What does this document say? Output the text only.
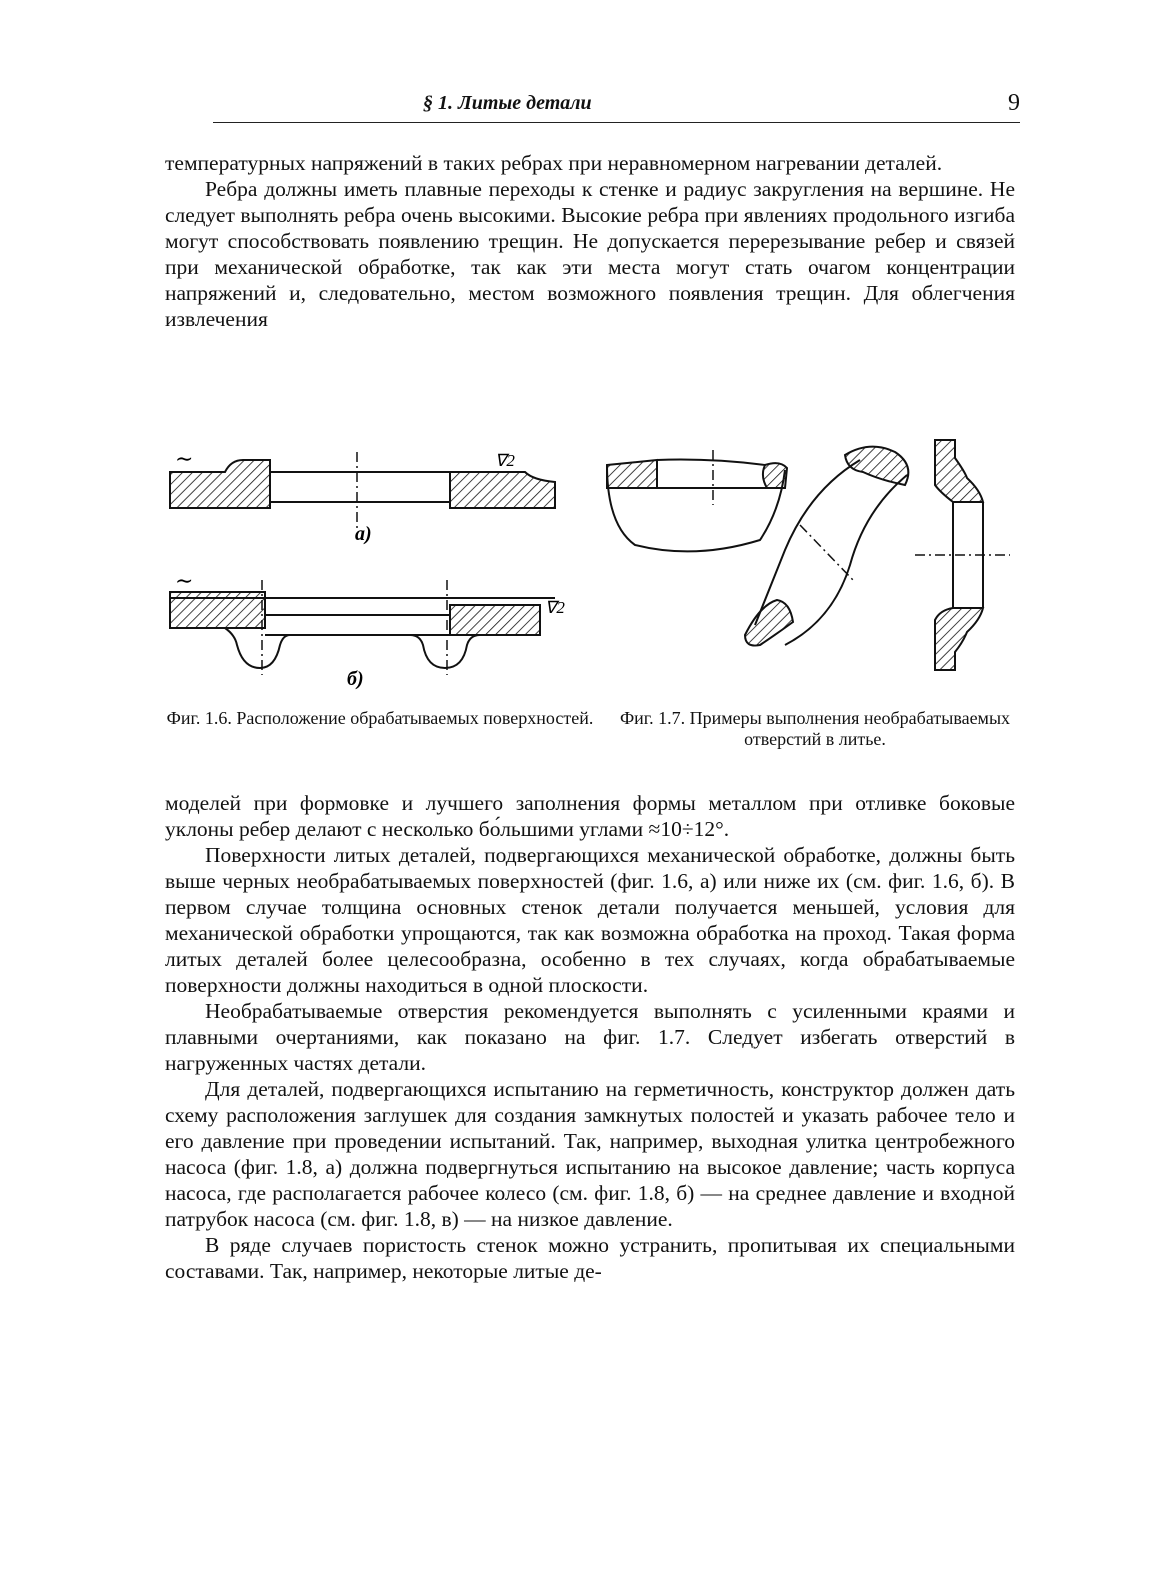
§ 1. Литые детали	9

температурных напряжений в таких ребрах при неравномерном нагревании деталей.

Ребра должны иметь плавные переходы к стенке и радиус закругления на вершине. Не следует выполнять ребра очень высокими. Высокие ребра при явлениях продольного изгиба могут способствовать появлению трещин. Не допускается перерезывание ребер и связей при механической обработке, так как эти места могут стать очагом концентрации напряжений и, следовательно, местом возможного появления трещин. Для облегчения извлечения

∼	∇2
a)
∼
∇2
б)
Фиг. 1.6. Расположение обрабатываемых поверхностей.	Фиг. 1.7. Примеры выполнения необрабатываемых отверстий в литье.

моделей при формовке и лучшего заполнения формы металлом при отливке боковые уклоны ребер делают с несколько бо́льшими углами ≈10÷12°.

Поверхности литых деталей, подвергающихся механической обработке, должны быть выше черных необрабатываемых поверхностей (фиг. 1.6, а) или ниже их (см. фиг. 1.6, б). В первом случае толщина основных стенок детали получается меньшей, условия для механической обработки упрощаются, так как возможна обработка на проход. Такая форма литых деталей более целесообразна, особенно в тех случаях, когда обрабатываемые поверхности должны находиться в одной плоскости.

Необрабатываемые отверстия рекомендуется выполнять с усиленными краями и плавными очертаниями, как показано на фиг. 1.7. Следует избегать отверстий в нагруженных частях детали.

Для деталей, подвергающихся испытанию на герметичность, конструктор должен дать схему расположения заглушек для создания замкнутых полостей и указать рабочее тело и его давление при проведении испытаний. Так, например, выходная улитка центробежного насоса (фиг. 1.8, а) должна подвергнуться испытанию на высокое давление; часть корпуса насоса, где располагается рабочее колесо (см. фиг. 1.8, б) — на среднее давление и входной патрубок насоса (см. фиг. 1.8, в) — на низкое давление.

В ряде случаев пористость стенок можно устранить, пропитывая их специальными составами. Так, например, некоторые литые де-
